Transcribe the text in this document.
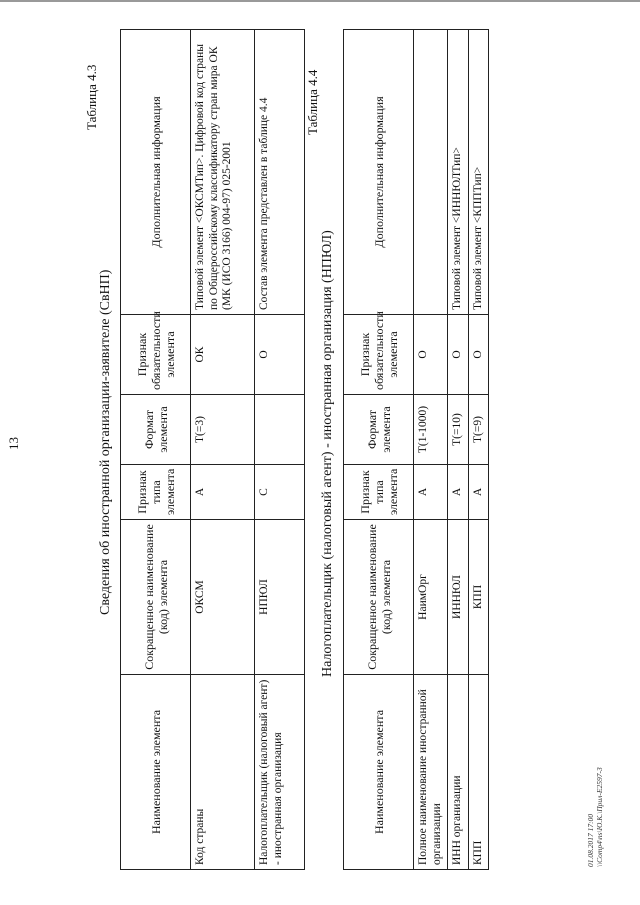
13
Таблица 4.3
Сведения об иностранной организации-заявителе (СвНП)
Наименование элемента	Сокращенное наименование (код) элемента	Признак типа элемента	Формат элемента	Признак обязательности элемента	Дополнительная информация
Код страны	ОКСМ	А	T(=3)	ОК	Типовой элемент <ОКСМТип>. Цифровой код страны по Общероссийскому классификатору стран мира ОК (МК (ИСО 3166) 004-97) 025-2001
Налогоплательщик (налоговый агент) - иностранная организация	НПЮЛ	С		О	Состав элемента представлен в таблице 4.4	Таблица 4.4
Налогоплательщик (налоговый агент) - иностранная организация (НПЮЛ)
Наименование элемента	Сокращенное наименование (код) элемента	Признак типа элемента	Формат элемента	Признак обязательности элемента	Дополнительная информация
Полное наименование иностранной организации	НаимОрг	А	T(1-1000)	О	
ИНН организации	ИННЮЛ	А	T(=10)	О	Типовой элемент <ИННЮЛТип>
КПП	КПП	А	T(=9)	О	Типовой элемент <КППТип>
01.08.2017 17:00 \\Comp4\ns\Ю.К.\Прил-Е2597-3
